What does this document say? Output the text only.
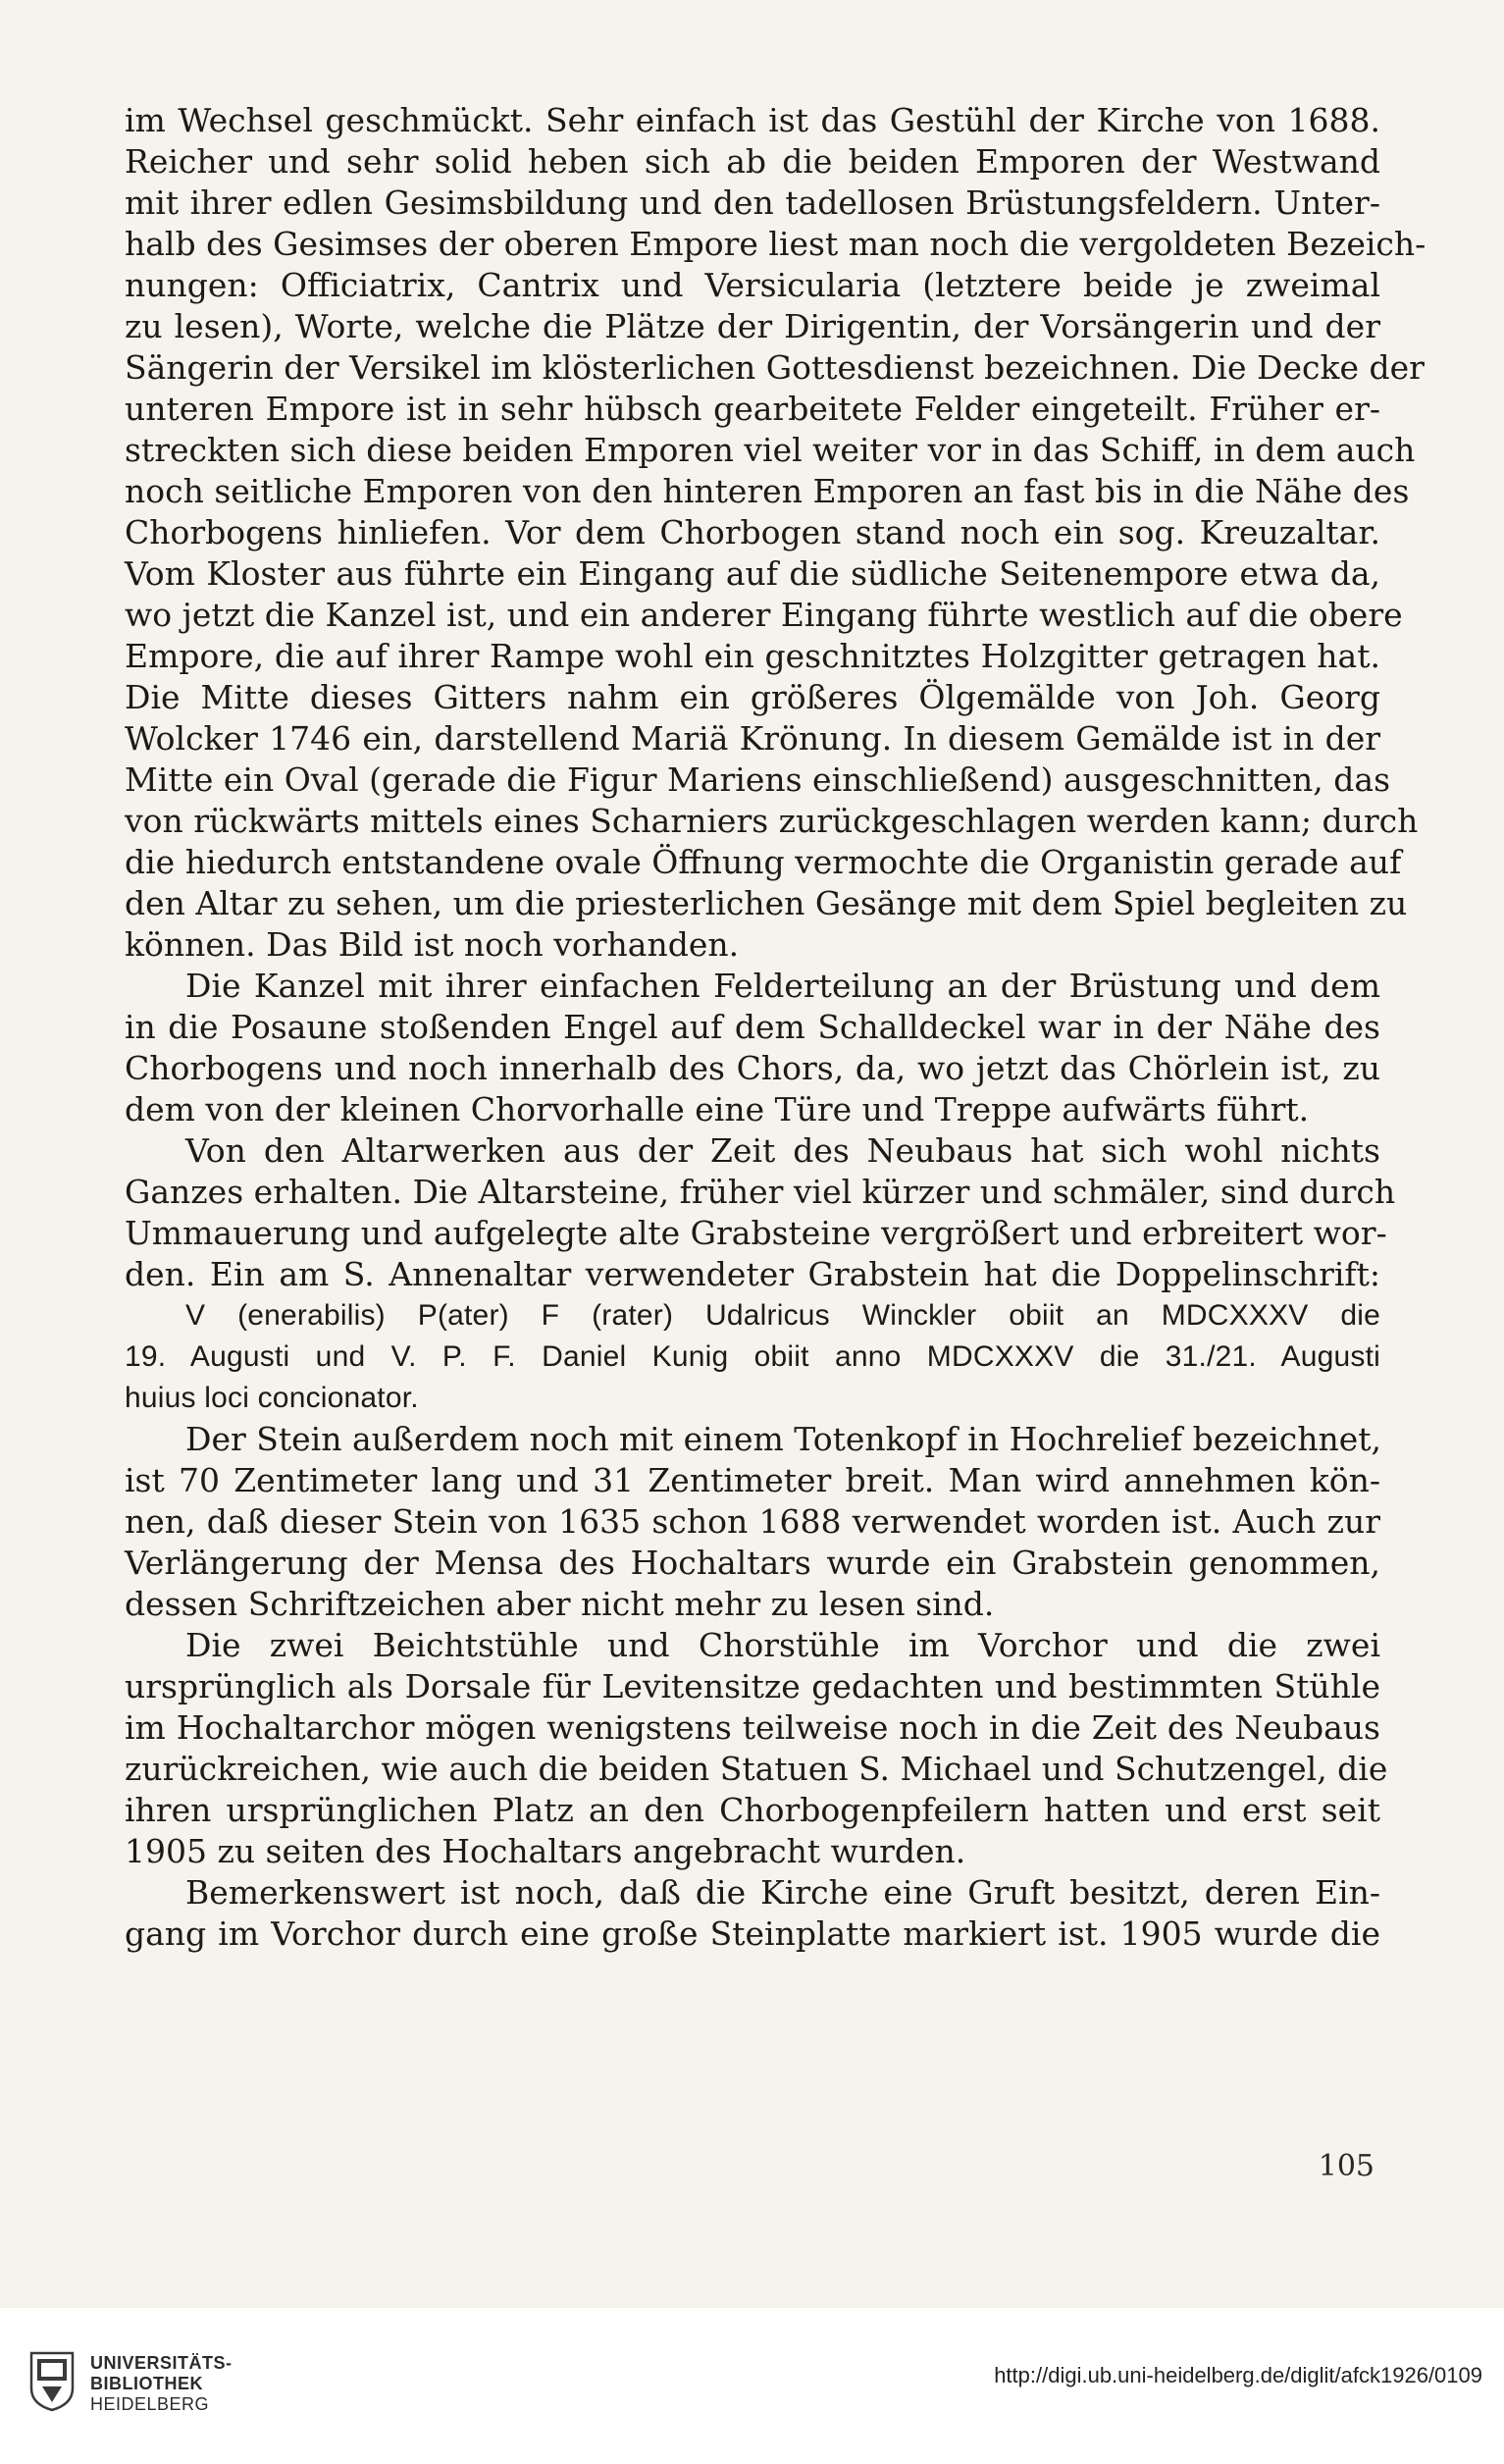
im Wechsel geschmückt. Sehr einfach ist das Gestühl der Kirche von 1688.
Reicher und sehr solid heben sich ab die beiden Emporen der Westwand
mit ihrer edlen Gesimsbildung und den tadellosen Brüstungsfeldern. Unter-
halb des Gesimses der oberen Empore liest man noch die vergoldeten Bezeich-
nungen: Officiatrix, Cantrix und Versicularia (letztere beide je zweimal
zu lesen), Worte, welche die Plätze der Dirigentin, der Vorsängerin und der
Sängerin der Versikel im klösterlichen Gottesdienst bezeichnen. Die Decke der
unteren Empore ist in sehr hübsch gearbeitete Felder eingeteilt. Früher er-
streckten sich diese beiden Emporen viel weiter vor in das Schiff, in dem auch
noch seitliche Emporen von den hinteren Emporen an fast bis in die Nähe des
Chorbogens hinliefen. Vor dem Chorbogen stand noch ein sog. Kreuzaltar.
Vom Kloster aus führte ein Eingang auf die südliche Seitenempore etwa da,
wo jetzt die Kanzel ist, und ein anderer Eingang führte westlich auf die obere
Empore, die auf ihrer Rampe wohl ein geschnitztes Holzgitter getragen hat.
Die Mitte dieses Gitters nahm ein größeres Ölgemälde von Joh. Georg
Wolcker 1746 ein, darstellend Mariä Krönung. In diesem Gemälde ist in der
Mitte ein Oval (gerade die Figur Mariens einschließend) ausgeschnitten, das
von rückwärts mittels eines Scharniers zurückgeschlagen werden kann; durch
die hiedurch entstandene ovale Öffnung vermochte die Organistin gerade auf
den Altar zu sehen, um die priesterlichen Gesänge mit dem Spiel begleiten zu
können. Das Bild ist noch vorhanden.
Die Kanzel mit ihrer einfachen Felderteilung an der Brüstung und dem
in die Posaune stoßenden Engel auf dem Schalldeckel war in der Nähe des
Chorbogens und noch innerhalb des Chors, da, wo jetzt das Chörlein ist, zu
dem von der kleinen Chorvorhalle eine Türe und Treppe aufwärts führt.
Von den Altarwerken aus der Zeit des Neubaus hat sich wohl nichts
Ganzes erhalten. Die Altarsteine, früher viel kürzer und schmäler, sind durch
Ummauerung und aufgelegte alte Grabsteine vergrößert und erbreitert wor-
den. Ein am S. Annenaltar verwendeter Grabstein hat die Doppelinschrift:
V (enerabilis) P(ater) F (rater) Udalricus Winckler obiit an MDCXXXV die
19. Augusti und V. P. F. Daniel Kunig obiit anno MDCXXXV die 31./21. Augusti
huius loci concionator.
Der Stein außerdem noch mit einem Totenkopf in Hochrelief bezeichnet,
ist 70 Zentimeter lang und 31 Zentimeter breit. Man wird annehmen kön-
nen, daß dieser Stein von 1635 schon 1688 verwendet worden ist. Auch zur
Verlängerung der Mensa des Hochaltars wurde ein Grabstein genommen,
dessen Schriftzeichen aber nicht mehr zu lesen sind.
Die zwei Beichtstühle und Chorstühle im Vorchor und die zwei
ursprünglich als Dorsale für Levitensitze gedachten und bestimmten Stühle
im Hochaltarchor mögen wenigstens teilweise noch in die Zeit des Neubaus
zurückreichen, wie auch die beiden Statuen S. Michael und Schutzengel, die
ihren ursprünglichen Platz an den Chorbogenpfeilern hatten und erst seit
1905 zu seiten des Hochaltars angebracht wurden.
Bemerkenswert ist noch, daß die Kirche eine Gruft besitzt, deren Ein-
gang im Vorchor durch eine große Steinplatte markiert ist. 1905 wurde die
105
UNIVERSITÄTS-
BIBLIOTHEK
HEIDELBERG
http://digi.ub.uni-heidelberg.de/diglit/afck1926/0109
